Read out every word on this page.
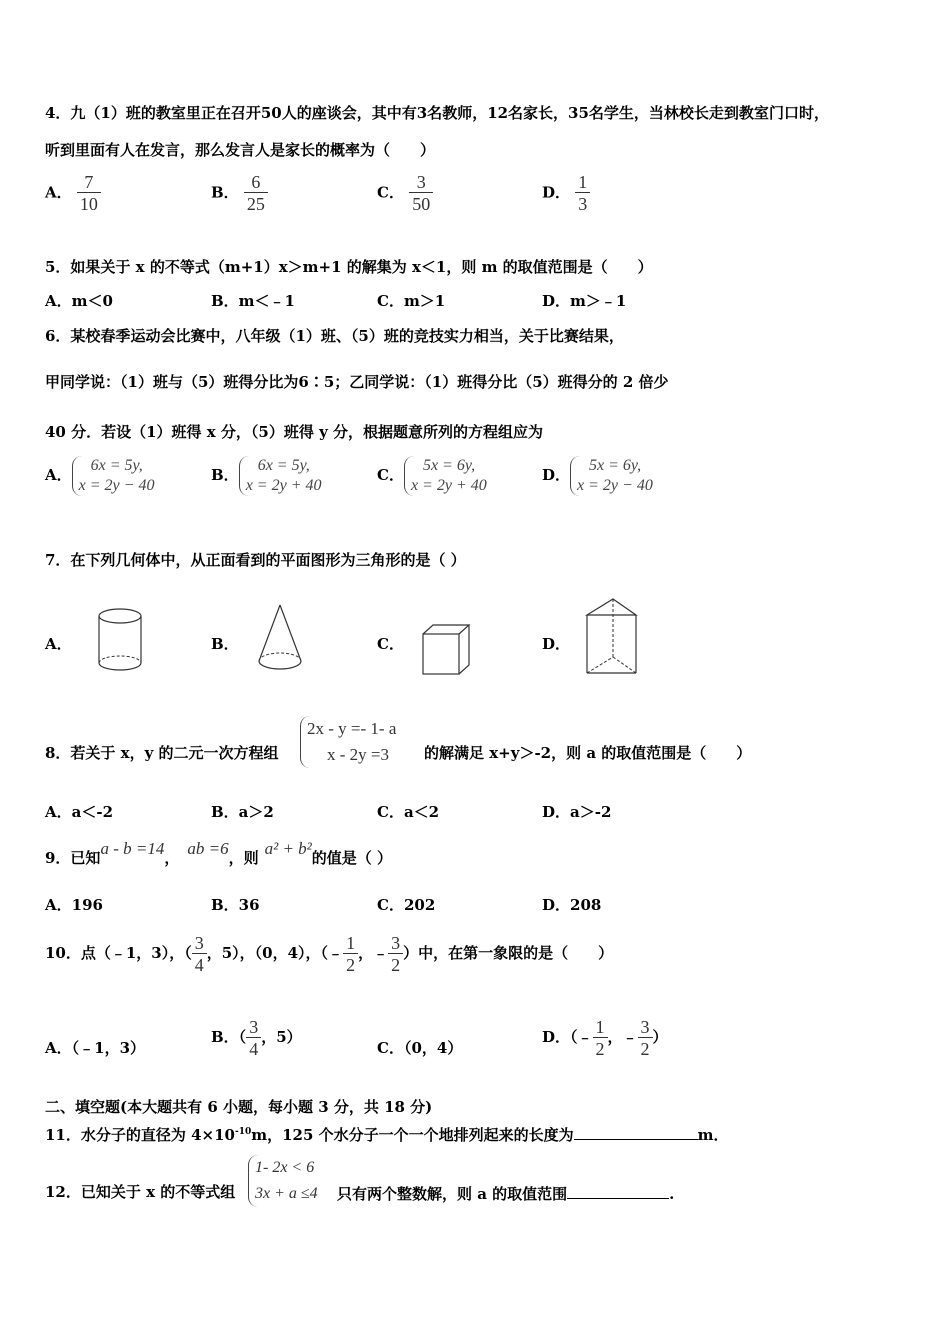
4．九（1）班的教室里正在召开50人的座谈会，其中有3名教师，12名家长，35名学生，当林校长走到教室门口时，
听到里面有人在发言，那么发言人是家长的概率为（　　）
A． $\frac{7}{10}$	B． $\frac{6}{25}$	C． $\frac{3}{50}$	D． $\frac{1}{3}$
5．如果关于 x 的不等式（m+1）x＞m+1 的解集为 x＜1，则 m 的取值范围是（　　）
A．m＜0	B．m＜﹣1	C．m＞1	D．m＞﹣1
6．某校春季运动会比赛中，八年级（1）班、（5）班的竞技实力相当，关于比赛结果，
甲同学说：（1）班与（5）班得分比为6∶5；乙同学说：（1）班得分比（5）班得分的 2 倍少
40 分．若设（1）班得 x 分，（5）班得 y 分，根据题意所列的方程组应为
A．
6x = 5y,
x = 2y − 40
B．
6x = 5y,
x = 2y + 40
C．
5x = 6y,
x = 2y + 40
D．
5x = 6y,
x = 2y − 40
7．在下列几何体中，从正面看到的平面图形为三角形的是（ ）
A．	B．	C．	D．
8．若关于 x，y 的二元一次方程组
2x - y =- 1- a
x - 2y =3	的解满足 x+y＞-2，则 a 的取值范围是（　　）
A．a＜-2	B．a＞2	C．a＜2	D．a＞-2
9．已知a - b =14， ab =6，则 a² + b²的值是（ ）
A．196	B．36	C．202	D．208
10．点（﹣1，3），（ $\frac{3}{4}$ ，5），（0，4），（﹣ $\frac{1}{2}$ ，﹣ $\frac{3}{2}$ ）中，在第一象限的是（　　）
A．（﹣1，3）
B．（ $\frac{3}{4}$ ，5）
C．（0，4）
D．（﹣ $\frac{1}{2}$ ，﹣ $\frac{3}{2}$ ）
二、填空题(本大题共有 6 小题，每小题 3 分，共 18 分)
11．水分子的直径为 $4\times 10^{-10}m$，125 个水分子一个一个地排列起来的长度为	m．
12．已知关于 x 的不等式组
1- 2x < 6
3x + a ≤4 只有两个整数解，则 a 的取值范围	.
